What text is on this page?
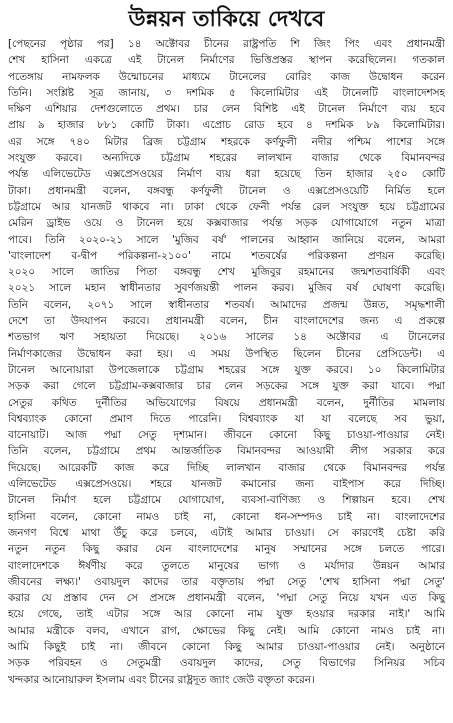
উন্নয়ন তাকিয়ে দেখবে
[পেছনের পৃষ্ঠার পর] ১৪ অক্টোবর চীনের রাষ্ট্রপতি শি জিং পিং এবং প্রধানমন্ত্রী
শেখ হাসিনা একত্রে এই টানেল নির্মাণের ভিত্তিপ্রস্তর স্থাপন করেছিলেন। গতকাল
পতেঙ্গায় নামফলক উন্মোচনের মাধ্যমে টানেলের বোরিং কাজ উদ্বোধন করেন
তিনি। সংশ্লিষ্ট সূত্র জানায়, ৩ দশমিক ৫ কিলোমিটার এই টানেলটি বাংলাদেশসহ
দক্ষিণ এশিয়ার দেশগুলোতে প্রথম। চার লেন বিশিষ্ট এই টানেল নির্মাণে ব্যয় হবে
প্রায় ৯ হাজার ৮৮১ কোটি টাকা। এপ্রোচ রোড হবে ৪ দশমিক ৮৯ কিলোমিটার।
এর সঙ্গে ৭৪০ মিটার ব্রিজ চট্টগ্রাম শহরকে কর্ণফুলী নদীর পশ্চিম পাশের সঙ্গে
সংযুক্ত করবে। অন্যদিকে চট্টগ্রাম শহরের লালখান বাজার থেকে বিমানবন্দর
পর্যন্ত এলিভেটেড এক্সপ্রেসওয়ের নির্মাণ ব্যয় ধরা হয়েছে তিন হাজার ২৫০ কোটি
টাকা। প্রধানমন্ত্রী বলেন, বঙ্গবন্ধু কর্ণফুলী টানেল ও এক্সপ্রেসওয়েটি নির্মিত হলে
চট্টগ্রামে আর যানজট থাকবে না। ঢাকা থেকে ফেনী পর্যন্ত রেল সংযুক্ত হয়ে চট্টগ্রামের
মেরিন ড্রাইভ ওয়ে ও টানেল হয়ে কক্সবাজার পর্যন্ত সড়ক যোগাযোগে নতুন মাত্রা
পাবে। তিনি ২০২০-২১ সালে 'মুজিব বর্ষ' পালনের আহ্বান জানিয়ে বলেন, আমরা
'বাংলাদেশ ব-দ্বীপ পরিকল্পনা-২১০০' নামে শতবর্ষের পরিকল্পনা প্রণয়ন করেছি।
২০২০ সালে জাতির পিতা বঙ্গবন্ধু শেখ মুজিবুর রহমানের জন্মশতবার্ষিকী এবং
২০২১ সালে মহান স্বাধীনতার সুবর্ণজয়ন্তী পালন করব। মুজিব বর্ষ ঘোষণা করেছি।
তিনি বলেন, ২০৭১ সালে স্বাধীনতার শতবর্ষ। আমাদের প্রজন্ম উন্নত, সমৃদ্ধশালী
দেশে তা উদযাপন করবে। প্রধানমন্ত্রী বলেন, চীন বাংলাদেশের জন্য এ প্রকল্পে
শতভাগ ঋণ সহায়তা দিয়েছে। ২০১৬ সালের ১৪ অক্টোবর এ টানেলের
নির্মাণকাজের উদ্বোধন করা হয়। এ সময় উপস্থিত ছিলেন চীনের প্রেসিডেন্ট। এ
টানেল আনোয়ারা উপজেলাকে চট্টগ্রাম শহরের সঙ্গে যুক্ত করবে। ১০ কিলোমিটার
সড়ক করা গেলে চট্টগ্রাম-কক্সবাজার চার লেন সড়কের সঙ্গে যুক্ত করা যাবে। পদ্মা
সেতুর কথিত দুর্নীতির অভিযোগের বিষয়ে প্রধানমন্ত্রী বলেন, দুর্নীতির মামলায়
বিশ্বব্যাংক কোনো প্রমাণ দিতে পারেনি। বিশ্বব্যাংক যা যা বলেছে সব ভুয়া,
বানোয়াট। আজ পদ্মা সেতু দৃশ্যমান। জীবনে কোনো কিছু চাওয়া-পাওয়ার নেই।
তিনি বলেন, চট্টগ্রামে প্রথম আন্তর্জাতিক বিমানবন্দর আওয়ামী লীগ সরকার করে
দিয়েছে। আরেকটি কাজ করে দিচ্ছি লালখান বাজার থেকে বিমানবন্দর পর্যন্ত
এলিভেটেড এক্সপ্রেসওয়ে। শহরে যানজট কমানোর জন্য বাইপাস করে দিচ্ছি।
টানেল নির্মাণ হলে চট্টগ্রামে যোগাযোগ, ব্যবসা-বাণিজ্য ও শিল্পায়ন হবে। শেখ
হাসিনা বলেন, কোনো নামও চাই না, কোনো ধন-সম্পদও চাই না। বাংলাদেশের
জনগণ বিশ্বে মাথা উঁচু করে চলবে, এটাই আমার চাওয়া। সে কারণেই চেষ্টা করি
নতুন নতুন কিছু করার যেন বাংলাদেশের মানুষ সম্মানের সঙ্গে চলতে পারে।
বাংলাদেশকে ঈর্ষণীয় করে তুলতে মানুষের ভাগ্য ও মর্যাদার উন্নয়ন আমার
জীবনের লক্ষ্য।' ওবায়দুল কাদের তার বক্তৃতায় পদ্মা সেতু 'শেখ হাসিনা পদ্মা সেতু'
করার যে প্রস্তাব দেন সে প্রসঙ্গে প্রধানমন্ত্রী বলেন, 'পদ্মা সেতু নিয়ে যখন এত কিছু
হয়ে গেছে, তাই এটার সঙ্গে আর কোনো নাম যুক্ত হওয়ার দরকার নাই।' আমি
আমার মন্ত্রীকে বলব, এখানে রাগ, ক্ষোভের কিছু নেই। আমি কোনো নামও চাই না।
আমি কিছুই চাই না। জীবনে কোনো কিছু আমার চাওয়া-পাওয়ার নেই। অনুষ্ঠানে
সড়ক পরিবহন ও সেতুমন্ত্রী ওবায়দুল কাদের, সেতু বিভাগের সিনিয়র সচিব
খন্দকার আনোয়ারুল ইসলাম এবং চীনের রাষ্ট্রদূত জ্যাং জেউ বক্তৃতা করেন।
